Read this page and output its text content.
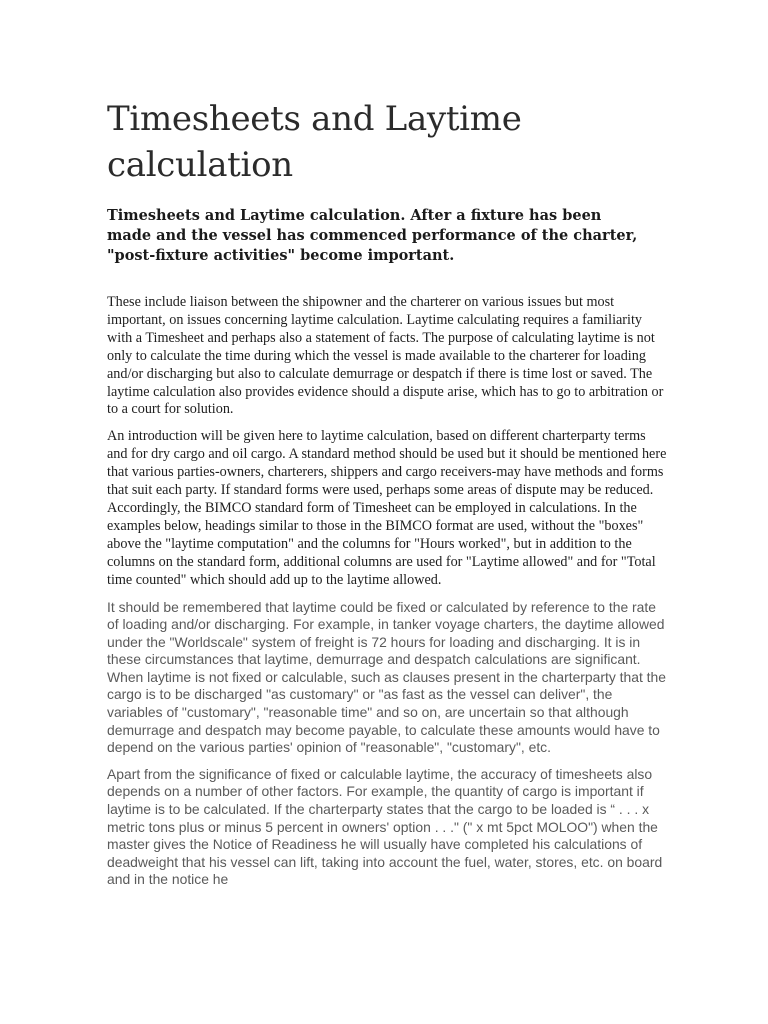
Timesheets and Laytime calculation

Timesheets and Laytime calculation. After a fixture has been made and the vessel has commenced performance of the charter, "post-fixture activities" become important.

These include liaison between the shipowner and the charterer on various issues but most important, on issues concerning laytime calculation. Laytime calculating requires a familiarity with a Timesheet and perhaps also a statement of facts. The purpose of calculating laytime is not only to calculate the time during which the vessel is made available to the charterer for loading and/or discharging but also to calculate demurrage or despatch if there is time lost or saved. The laytime calculation also provides evidence should a dispute arise, which has to go to arbitration or to a court for solution.

An introduction will be given here to laytime calculation, based on different charterparty terms and for dry cargo and oil cargo. A standard method should be used but it should be mentioned here that various parties-owners, charterers, shippers and cargo receivers-may have methods and forms that suit each party. If standard forms were used, perhaps some areas of dispute may be reduced. Accordingly, the BIMCO standard form of Timesheet can be employed in calculations. In the examples below, headings similar to those in the BIMCO format are used, without the "boxes" above the "laytime computation" and the columns for "Hours worked", but in addition to the columns on the standard form, additional columns are used for "Laytime allowed" and for "Total time counted" which should add up to the laytime allowed.

It should be remembered that laytime could be fixed or calculated by reference to the rate of loading and/or discharging. For example, in tanker voyage charters, the daytime allowed under the "Worldscale" system of freight is 72 hours for loading and discharging. It is in these circumstances that laytime, demurrage and despatch calculations are significant. When laytime is not fixed or calculable, such as clauses present in the charterparty that the cargo is to be discharged "as customary" or "as fast as the vessel can deliver", the variables of "customary", "reasonable time" and so on, are uncertain so that although demurrage and despatch may become payable, to calculate these amounts would have to depend on the various parties' opinion of "reasonable", "customary", etc.

Apart from the significance of fixed or calculable laytime, the accuracy of timesheets also depends on a number of other factors. For example, the quantity of cargo is important if laytime is to be calculated. If the charterparty states that the cargo to be loaded is “ . . . x metric tons plus or minus 5 percent in owners' option . . ." (" x mt 5pct MOLOO") when the master gives the Notice of Readiness he will usually have completed his calculations of deadweight that his vessel can lift, taking into account the fuel, water, stores, etc. on board and in the notice he
